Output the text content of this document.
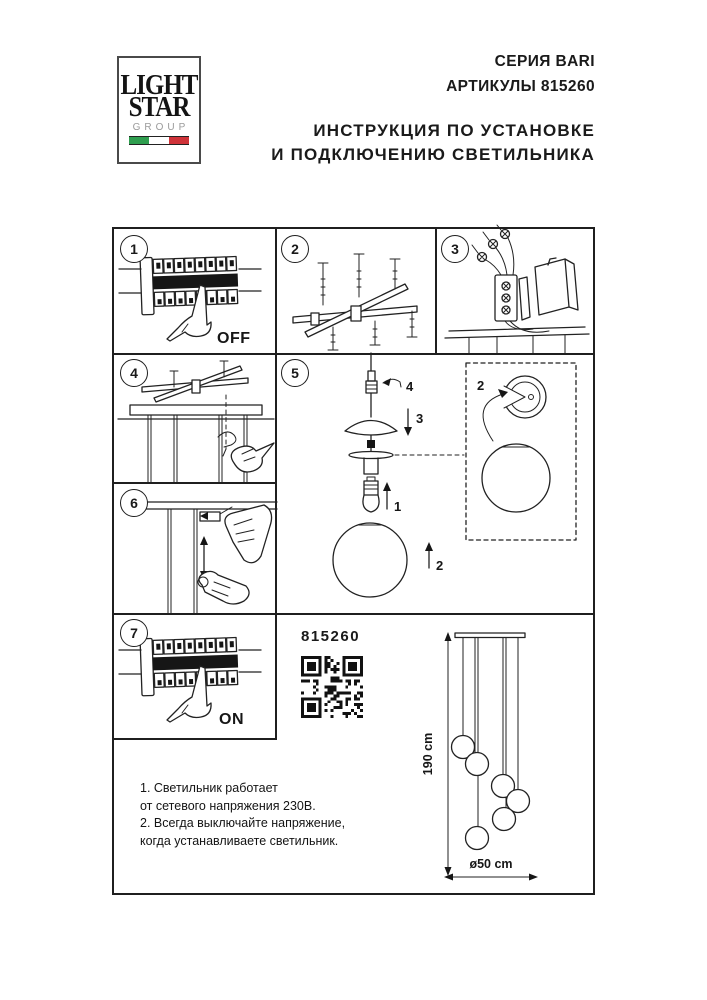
LIGHT
STAR
GROUP
СЕРИЯ BARI
АРТИКУЛЫ 815260
ИНСТРУКЦИЯ ПО УСТАНОВКЕ
И ПОДКЛЮЧЕНИЮ СВЕТИЛЬНИКА
1	2	3
4	5
6
7
OFF
4
3
1
2
2
ON
815260
1. Светильник работает
от сетевого напряжения 230В.
2. Всегда выключайте напряжение,
когда устанавливаете светильник.
190 cm
ø50 cm
